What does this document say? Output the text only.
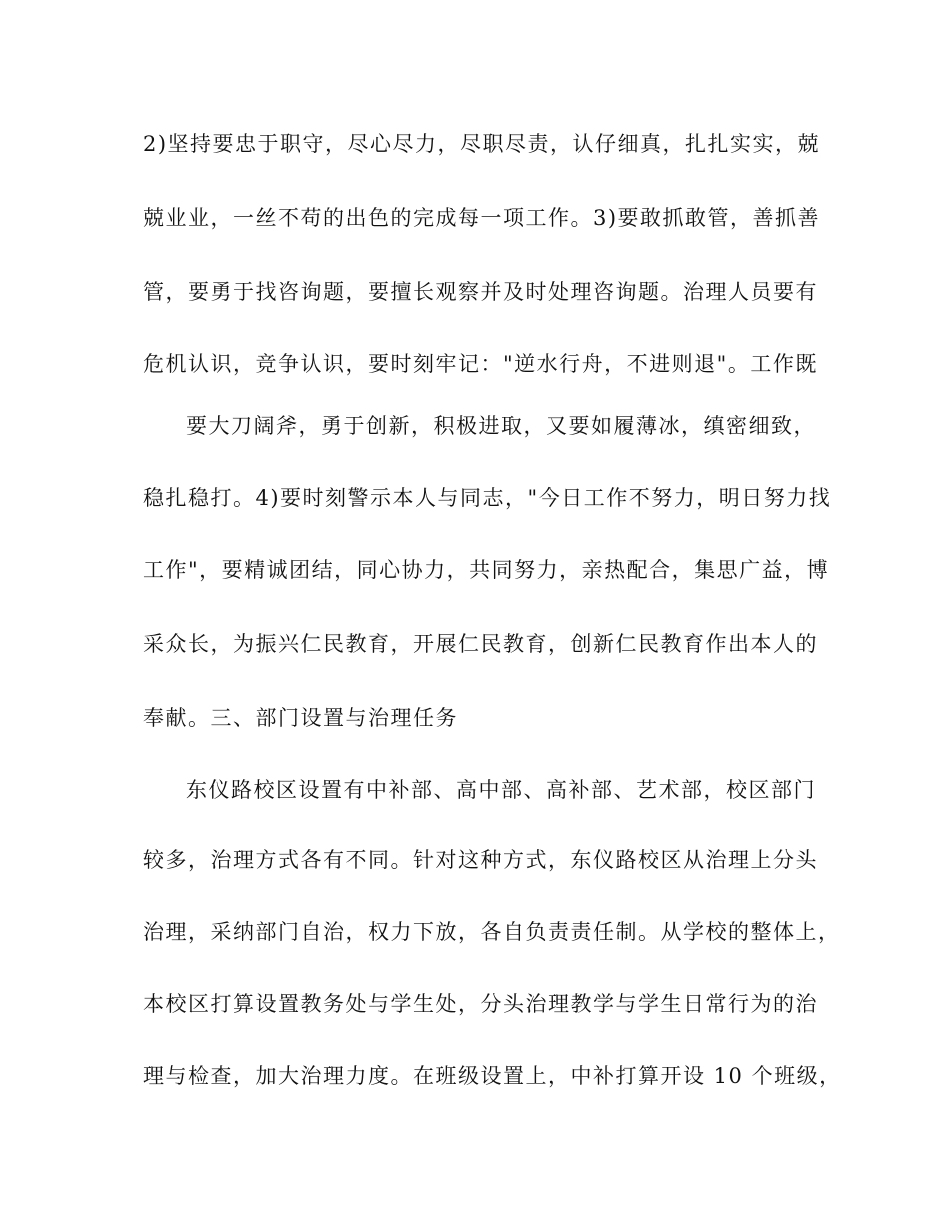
2)坚持要忠于职守，尽心尽力，尽职尽责，认仔细真，扎扎实实，兢
兢业业，一丝不苟的出色的完成每一项工作。3)要敢抓敢管，善抓善
管，要勇于找咨询题，要擅长观察并及时处理咨询题。治理人员要有
危机认识，竞争认识，要时刻牢记："逆水行舟，不进则退"。工作既
要大刀阔斧，勇于创新，积极进取，又要如履薄冰，缜密细致，
稳扎稳打。4)要时刻警示本人与同志，"今日工作不努力，明日努力找
工作"，要精诚团结，同心协力，共同努力，亲热配合，集思广益，博
采众长，为振兴仁民教育，开展仁民教育，创新仁民教育作出本人的
奉献。三、部门设置与治理任务
东仪路校区设置有中补部、高中部、高补部、艺术部，校区部门
较多，治理方式各有不同。针对这种方式，东仪路校区从治理上分头
治理，采纳部门自治，权力下放，各自负责责任制。从学校的整体上，
本校区打算设置教务处与学生处，分头治理教学与学生日常行为的治
理与检查，加大治理力度。在班级设置上，中补打算开设 10 个班级，
